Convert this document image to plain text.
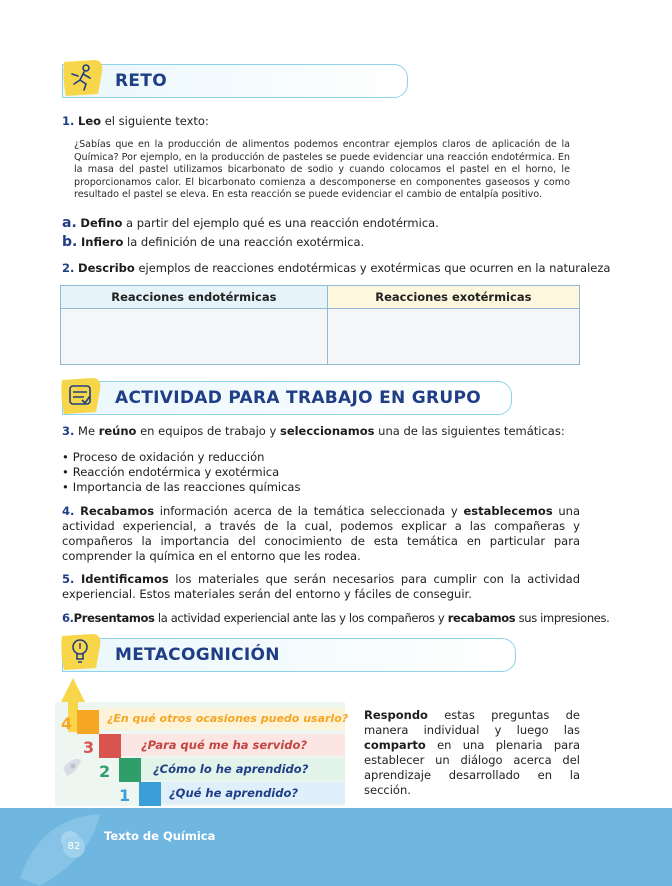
RETO
1. Leo el siguiente texto:
¿Sabías que en la producción de alimentos podemos encontrar ejemplos claros de aplicación de la Química? Por ejemplo, en la producción de pasteles se puede evidenciar una reacción endotérmica. En la masa del pastel utilizamos bicarbonato de sodio y cuando colocamos el pastel en el horno, le proporcionamos calor. El bicarbonato comienza a descomponerse en componentes gaseosos y como resultado el pastel se eleva. En esta reacción se puede evidenciar el cambio de entalpía positivo.
a. Defino a partir del ejemplo qué es una reacción endotérmica.
b. Infiero la definición de una reacción exotérmica.
2. Describo ejemplos de reacciones endotérmicas y exotérmicas que ocurren en la naturaleza
Reacciones endotérmicas	Reacciones exotérmicas

ACTIVIDAD PARA TRABAJO EN GRUPO
3. Me reúno en equipos de trabajo y seleccionamos una de las siguientes temáticas:
• Proceso de oxidación y reducción
• Reacción endotérmica y exotérmica
• Importancia de las reacciones químicas
4. Recabamos información acerca de la temática seleccionada y establecemos una actividad experiencial, a través de la cual, podemos explicar a las compañeras y compañeros la importancia del conocimiento de esta temática en particular para comprender la química en el entorno que les rodea.
5. Identificamos los materiales que serán necesarios para cumplir con la actividad experiencial. Estos materiales serán del entorno y fáciles de conseguir.
6.Presentamos la actividad experiencial ante las y los compañeros y recabamos sus impresiones.
METACOGNICIÓN
4
3
2
1
¿En qué otros ocasiones puedo usarlo?
¿Para qué me ha servido?
¿Cómo lo he aprendido?
¿Qué he aprendido?
Respondo estas preguntas de manera individual y luego las comparto en una plenaria para establecer un diálogo acerca del aprendizaje desarrollado en la sección.
82
Texto de Química
